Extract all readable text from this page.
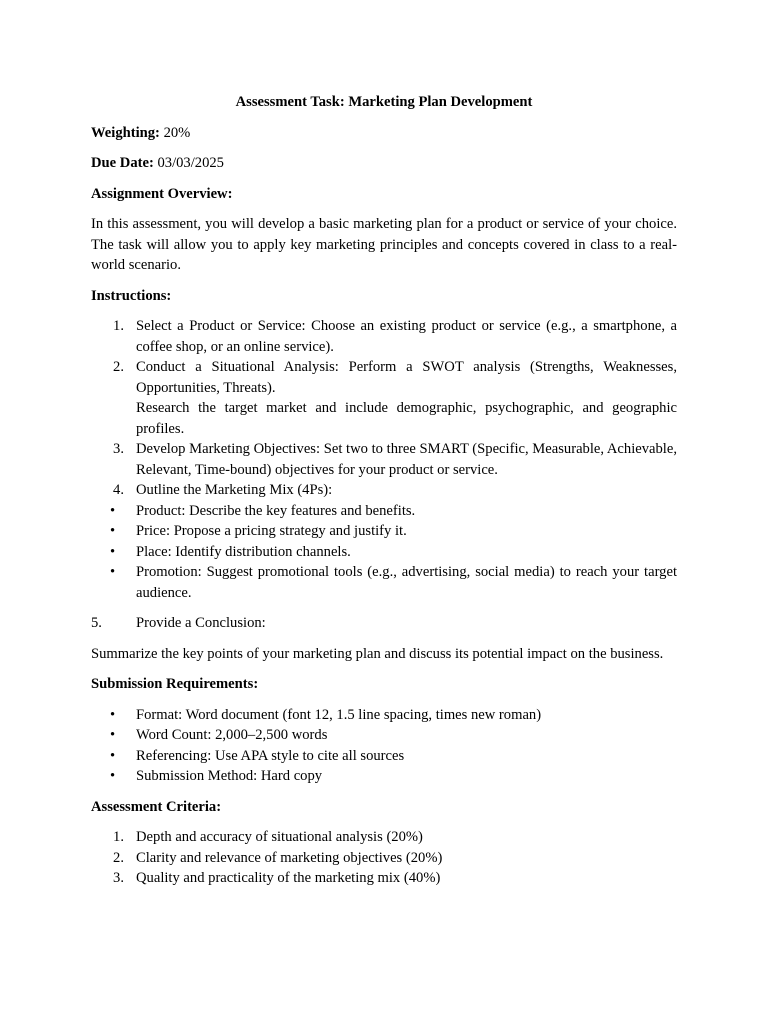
Assessment Task: Marketing Plan Development

Weighting: 20%

Due Date: 03/03/2025

Assignment Overview:

In this assessment, you will develop a basic marketing plan for a product or service of your choice. The task will allow you to apply key marketing principles and concepts covered in class to a real-world scenario.

Instructions:

1. Select a Product or Service: Choose an existing product or service (e.g., a smartphone, a coffee shop, or an online service).
2. Conduct a Situational Analysis: Perform a SWOT analysis (Strengths, Weaknesses, Opportunities, Threats).
Research the target market and include demographic, psychographic, and geographic profiles.
3. Develop Marketing Objectives: Set two to three SMART (Specific, Measurable, Achievable, Relevant, Time-bound) objectives for your product or service.
4. Outline the Marketing Mix (4Ps):
•	Product: Describe the key features and benefits.
•	Price: Propose a pricing strategy and justify it.
•	Place: Identify distribution channels.
•	Promotion: Suggest promotional tools (e.g., advertising, social media) to reach your target audience.

5.	Provide a Conclusion:

Summarize the key points of your marketing plan and discuss its potential impact on the business.

Submission Requirements:

•	Format: Word document (font 12, 1.5 line spacing, times new roman)
•	Word Count: 2,000–2,500 words
•	Referencing: Use APA style to cite all sources
•	Submission Method: Hard copy

Assessment Criteria:

1. Depth and accuracy of situational analysis (20%)
2. Clarity and relevance of marketing objectives (20%)
3. Quality and practicality of the marketing mix (40%)
